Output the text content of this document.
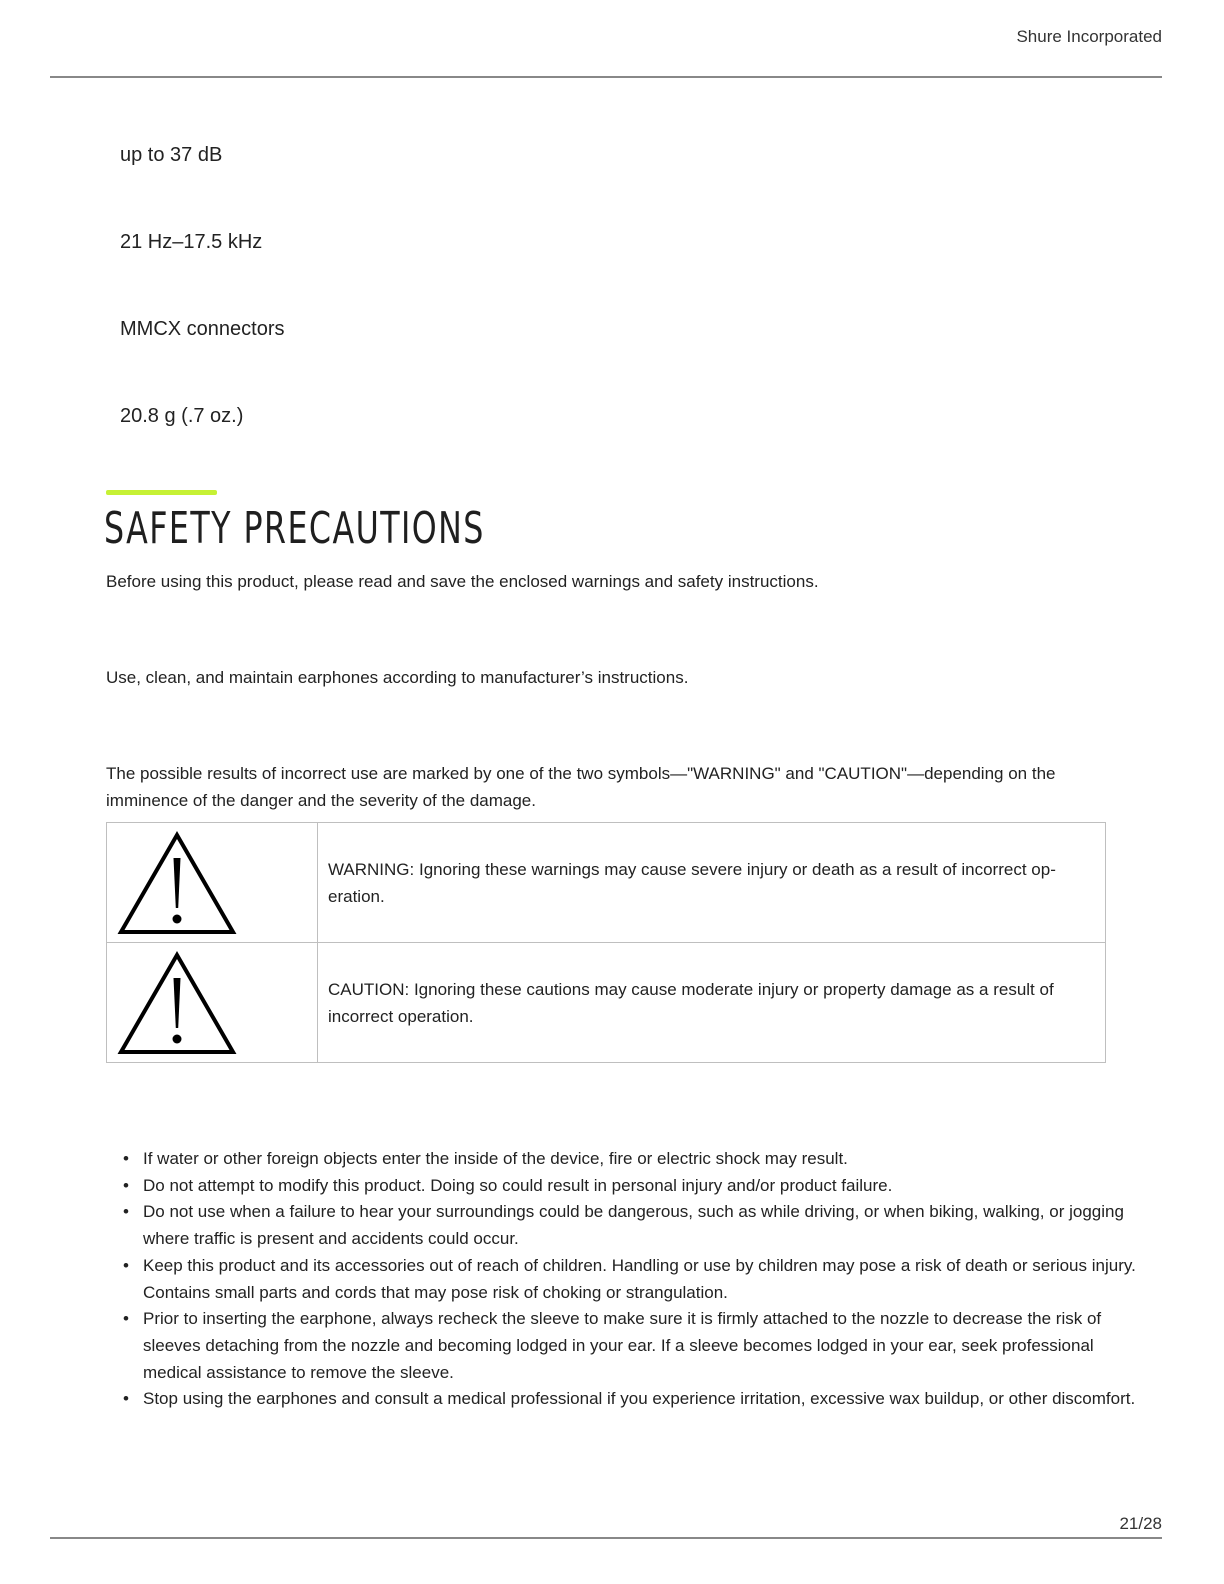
Shure Incorporated
up to 37 dB
21 Hz–17.5 kHz
MMCX connectors
20.8 g (.7 oz.)
SAFETY PRECAUTIONS

Before using this product, please read and save the enclosed warnings and safety instructions.

Use, clean, and maintain earphones according to manufacturer’s instructions.

The possible results of incorrect use are marked by one of the two symbols—"WARNING" and "CAUTION"—depending on the imminence of the danger and the severity of the damage.

	WARNING: Ignoring these warnings may cause severe injury or death as a result of incorrect operation.

	CAUTION: Ignoring these cautions may cause moderate injury or property damage as a result of incorrect operation.
• If water or other foreign objects enter the inside of the device, fire or electric shock may result.
• Do not attempt to modify this product. Doing so could result in personal injury and/or product failure.
• Do not use when a failure to hear your surroundings could be dangerous, such as while driving, or when biking, walking, or jogging where traffic is present and accidents could occur.
• Keep this product and its accessories out of reach of children. Handling or use by children may pose a risk of death or serious injury. Contains small parts and cords that may pose risk of choking or strangulation.
• Prior to inserting the earphone, always recheck the sleeve to make sure it is firmly attached to the nozzle to decrease the risk of sleeves detaching from the nozzle and becoming lodged in your ear. If a sleeve becomes lodged in your ear, seek professional medical assistance to remove the sleeve.
• Stop using the earphones and consult a medical professional if you experience irritation, excessive wax buildup, or other discomfort.
21/28
